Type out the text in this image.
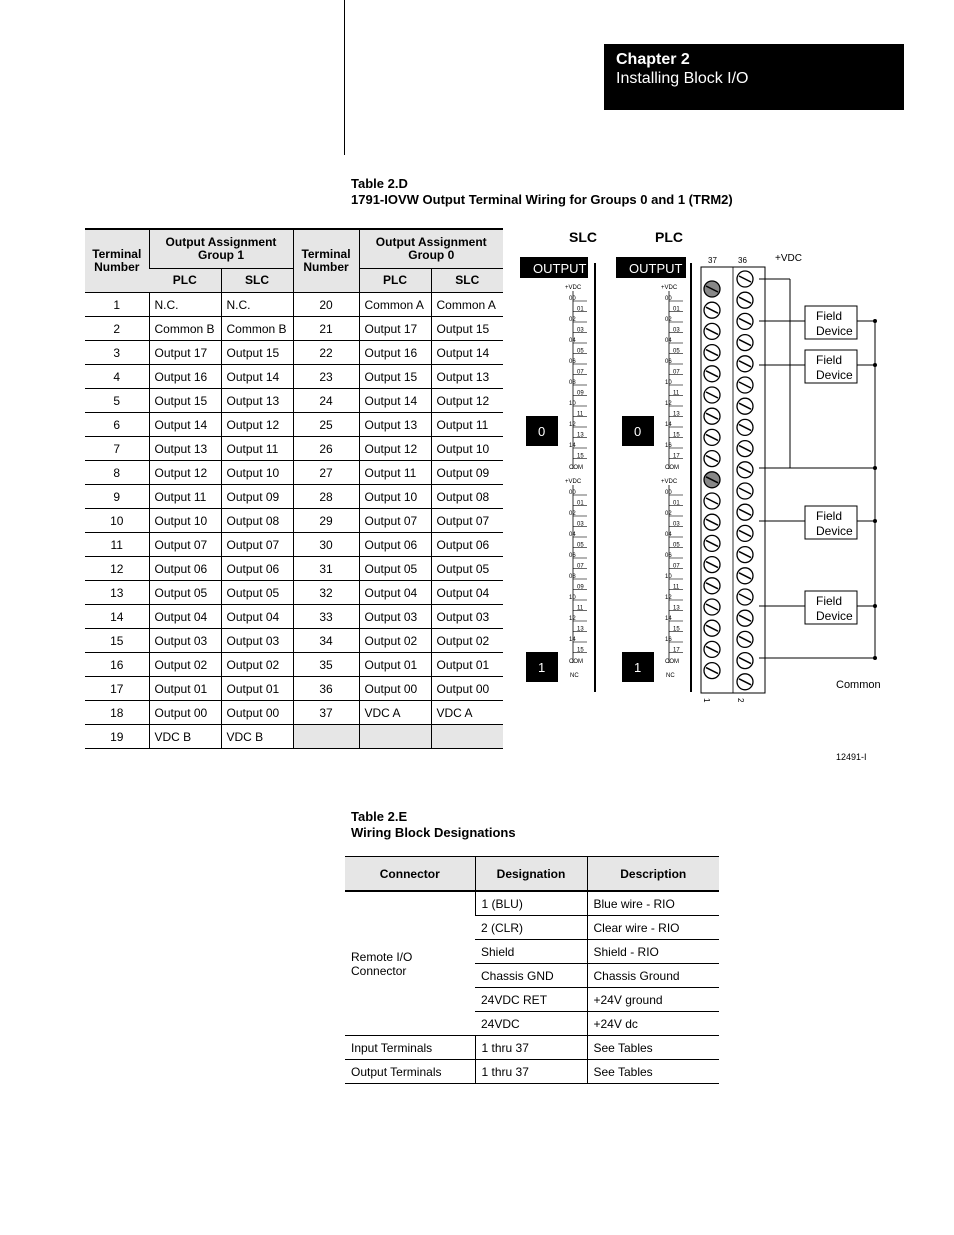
Chapter 2
Installing Block I/O
Table 2.D
1791-IOVW Output Terminal Wiring for Groups 0 and 1 (TRM2)
Terminal Number	Output Assignment Group 1		Terminal Number	Output Assignment Group 0	
	PLC	SLC		PLC	SLC
1	N.C.	N.C.	20	Common A	Common A
2	Common B	Common B	21	Output 17	Output 15
3	Output 17	Output 15	22	Output 16	Output 14
4	Output 16	Output 14	23	Output 15	Output 13
5	Output 15	Output 13	24	Output 14	Output 12
6	Output 14	Output 12	25	Output 13	Output 11
7	Output 13	Output 11	26	Output 12	Output 10
8	Output 12	Output 10	27	Output 11	Output 09
9	Output 11	Output 09	28	Output 10	Output 08
10	Output 10	Output 08	29	Output 07	Output 07
11	Output 07	Output 07	30	Output 06	Output 06
12	Output 06	Output 06	31	Output 05	Output 05
13	Output 05	Output 05	32	Output 04	Output 04
14	Output 04	Output 04	33	Output 03	Output 03
15	Output 03	Output 03	34	Output 02	Output 02
16	Output 02	Output 02	35	Output 01	Output 01
17	Output 01	Output 01	36	Output 00	Output 00
18	Output 00	Output 00	37	VDC A	VDC A
19	VDC B	VDC B			
SLC	PLC
OUTPUT	OUTPUT
0	0
1	1
+VDC
00
01
02
03
04
05
06
07
08
09
10
11
12
13
14
15
COM
+VDC
00
01
02
03
04
05
06
07
08
09
10
11
12
13
14
15
COM
+VDC
00
01
02
03
04
05
06
07
10
11
12
13
14
15
16
17
COM
+VDC
00
01
02
03
04
05
06
07
10
11
12
13
14
15
16
17
COM
NC	NC
37	36
1	2
+VDC
Common
Field
Device
Field
Device
Field
Device
Field
Device
12491-I
Table 2.E
Wiring Block Designations
Connector	Designation	Description
Remote I/O Connector	1 (BLU)	Blue wire - RIO
	2 (CLR)	Clear wire - RIO
	Shield	Shield - RIO
	Chassis GND	Chassis Ground
	24VDC RET	+24V ground
	24VDC	+24V dc
Input Terminals	1 thru 37	See Tables
Output Terminals	1 thru 37	See Tables
